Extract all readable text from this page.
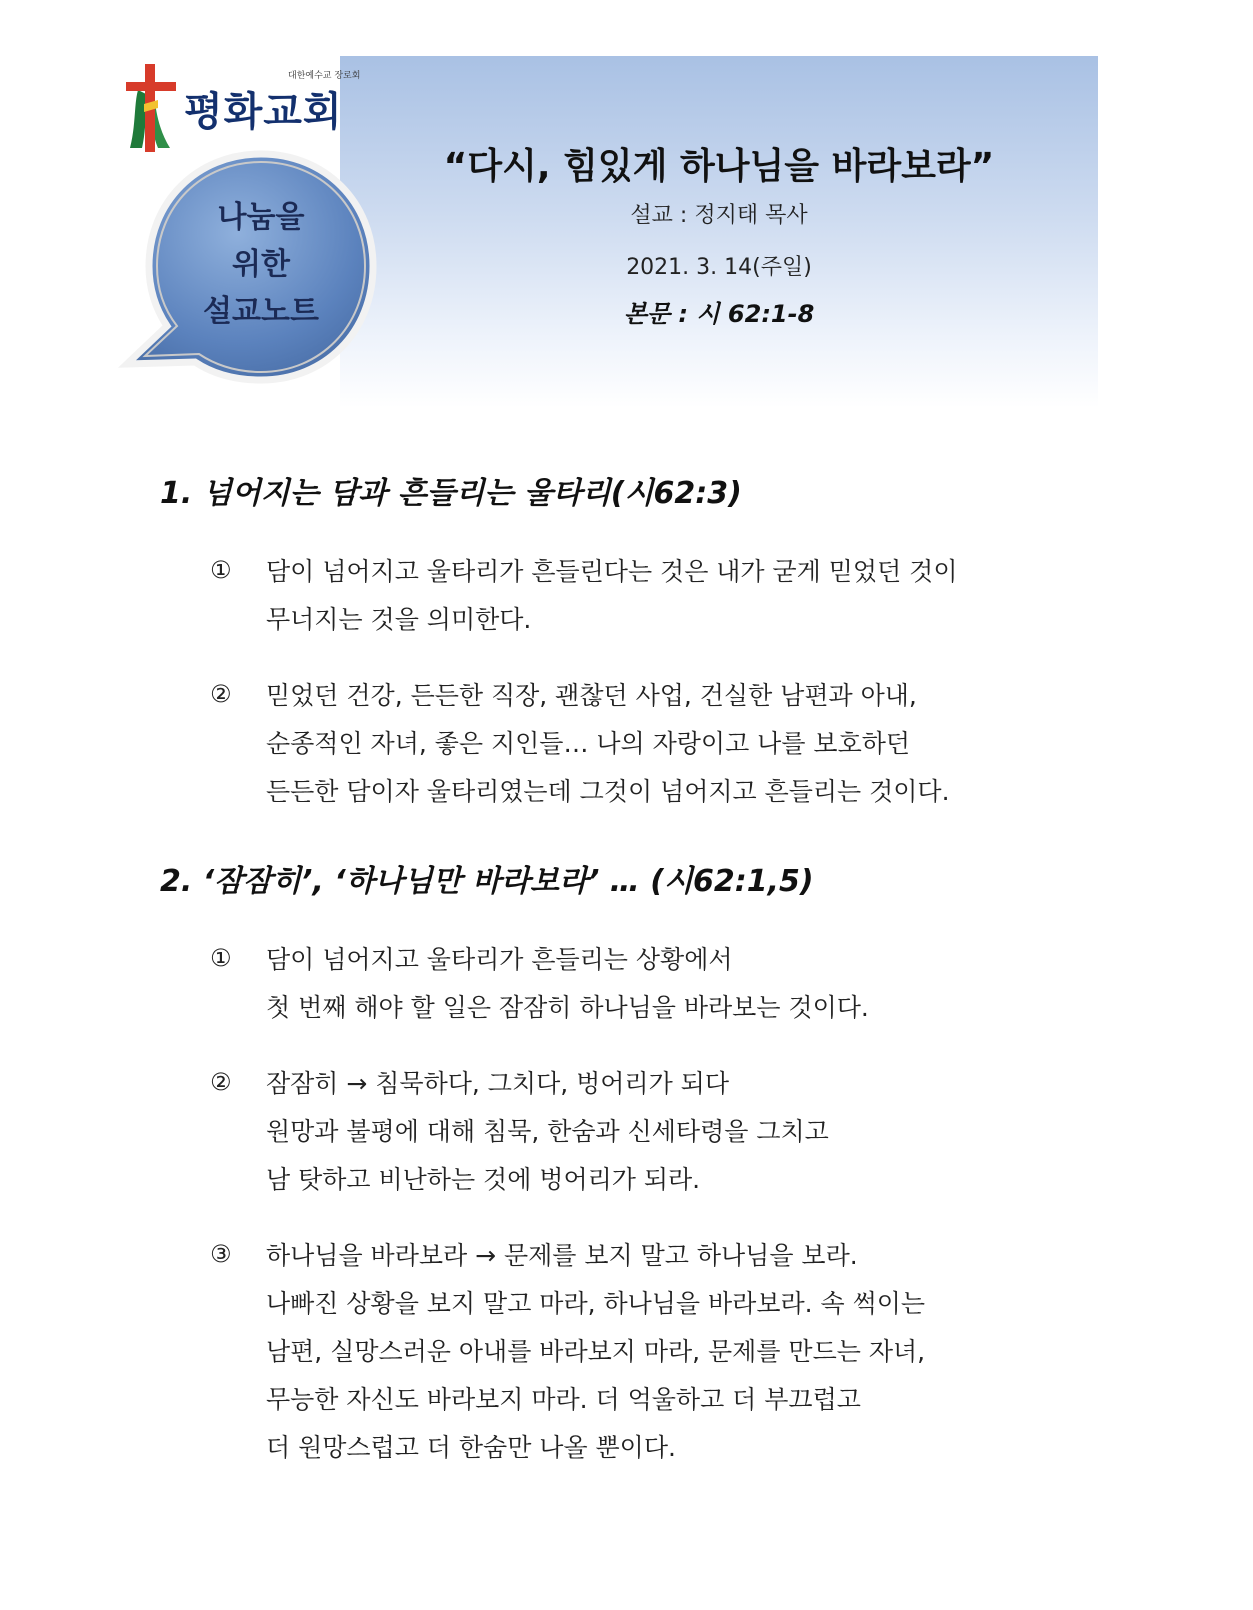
대한예수교 장로회
평화교회
나눔을
위한
설교노트
“다시, 힘있게 하나님을 바라보라”
설교 : 정지태 목사
2021. 3. 14(주일)
본문 : 시 62:1-8
1. 넘어지는 담과 흔들리는 울타리(시62:3)
① 담이 넘어지고 울타리가 흔들린다는 것은 내가 굳게 믿었던 것이
무너지는 것을 의미한다.
② 믿었던 건강, 든든한 직장, 괜찮던 사업, 건실한 남편과 아내,
순종적인 자녀, 좋은 지인들… 나의 자랑이고 나를 보호하던
든든한 담이자 울타리였는데 그것이 넘어지고 흔들리는 것이다.
2. ‘잠잠히’, ‘하나님만 바라보라’ … (시62:1,5)
① 담이 넘어지고 울타리가 흔들리는 상황에서
첫 번째 해야 할 일은 잠잠히 하나님을 바라보는 것이다.
② 잠잠히 → 침묵하다, 그치다, 벙어리가 되다
원망과 불평에 대해 침묵, 한숨과 신세타령을 그치고
남 탓하고 비난하는 것에 벙어리가 되라.
③ 하나님을 바라보라 → 문제를 보지 말고 하나님을 보라.
나빠진 상황을 보지 말고 마라, 하나님을 바라보라. 속 썩이는
남편, 실망스러운 아내를 바라보지 마라, 문제를 만드는 자녀,
무능한 자신도 바라보지 마라. 더 억울하고 더 부끄럽고
더 원망스럽고 더 한숨만 나올 뿐이다.
